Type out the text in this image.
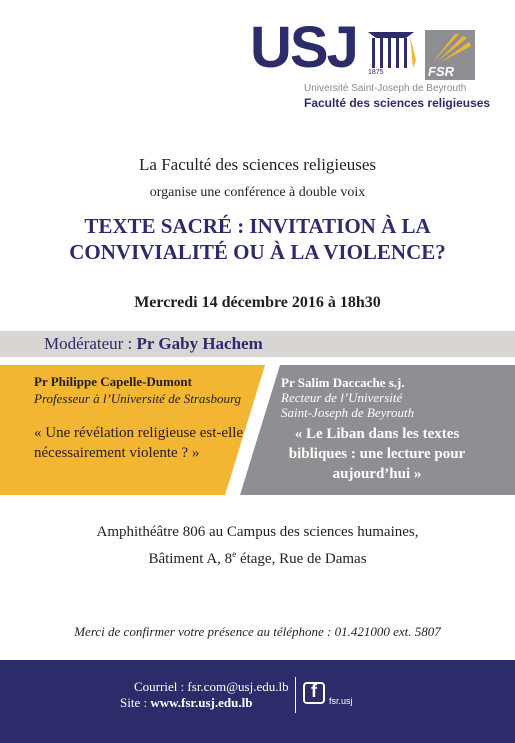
USJ 1875	FSR
Université Saint-Joseph de Beyrouth
Faculté des sciences religieuses
La Faculté des sciences religieuses
organise une conférence à double voix
TEXTE SACRÉ : INVITATION À LA
CONVIVIALITÉ OU À LA VIOLENCE?
Mercredi 14 décembre 2016 à 18h30
Modérateur : Pr Gaby Hachem
Pr Philippe Capelle-Dumont
Professeur à l’Université de Strasbourg
« Une révélation religieuse est-elle nécessairement violente ? »
Pr Salim Daccache s.j.
Recteur de l’Université
Saint-Joseph de Beyrouth
« Le Liban dans les textes bibliques : une lecture pour aujourd’hui »
Amphithéâtre 806 au Campus des sciences humaines,
Bâtiment A, 8e étage, Rue de Damas
Merci de confirmer votre présence au téléphone : 01.421000 ext. 5807
Courriel : fsr.com@usj.edu.lb
Site : www.fsr.usj.edu.lb
f fsr.usj
